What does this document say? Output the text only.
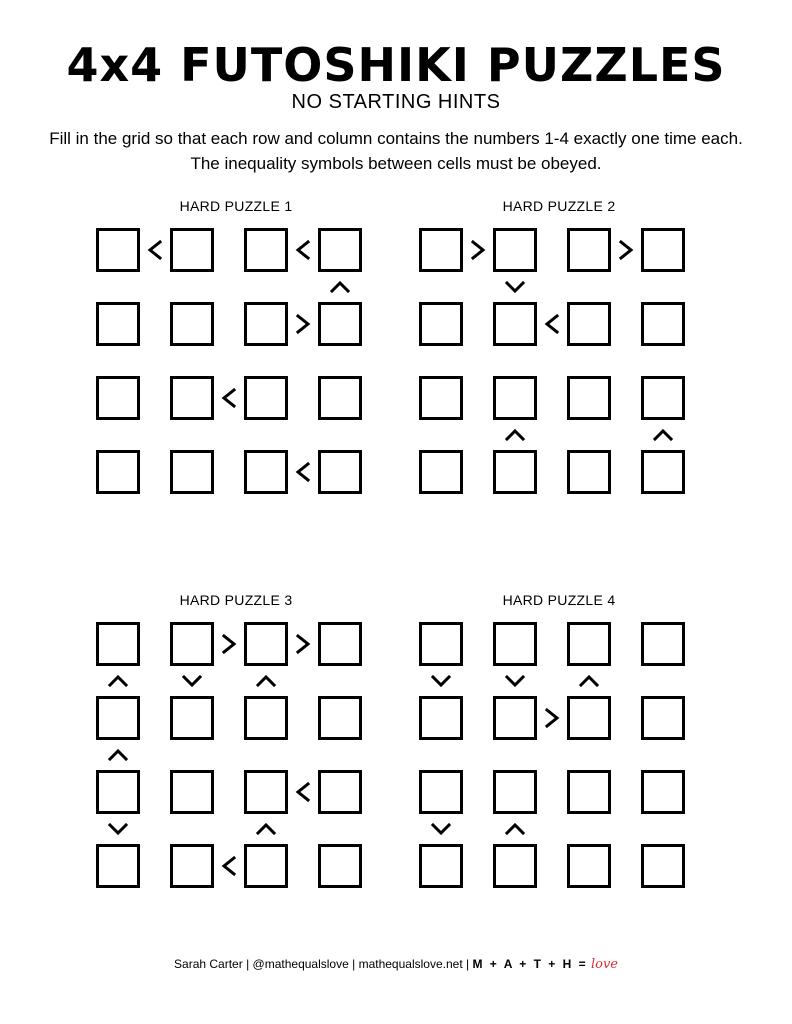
4x4 FUTOSHIKI PUZZLES
NO STARTING HINTS
Fill in the grid so that each row and column contains the numbers 1-4 exactly one time each. The inequality symbols between cells must be obeyed.
HARD PUZZLE 1	HARD PUZZLE 2
HARD PUZZLE 3	HARD PUZZLE 4
Sarah Carter | @mathequalslove | mathequalslove.net | M + A + T + H = love
